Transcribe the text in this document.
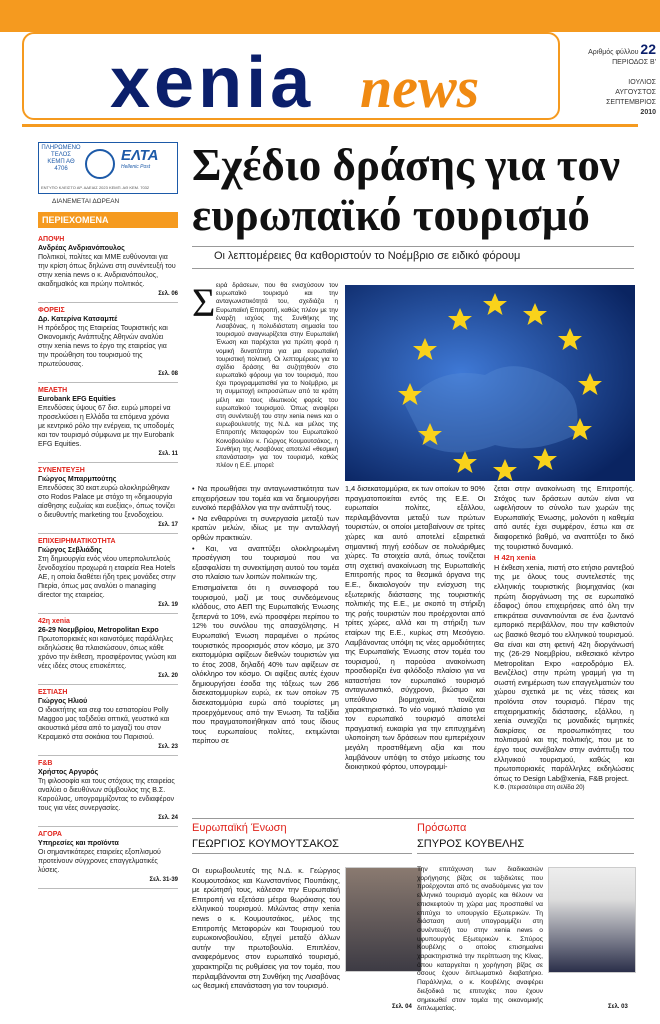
xenia news
Αριθμός φύλλου 22
ΠΕΡΙΟΔΟΣ Β'
ΙΟΥΛΙΟΣ
ΑΥΓΟΥΣΤΟΣ
ΣΕΠΤΕΜΒΡΙΟΣ
2010
ΠΛΗΡΩΜΕΝΟ ΤΕΛΟΣ
ΚΕΜΠ ΑΘ
4706
ΕΛΤΑ
Hellenic Post
ΕΝΤΥΠΟ ΚΛΕΙΣΤΟ ΑΡ. ΑΔΕΙΑΣ 2023 ΚΕΜΠ. ΑΘ ΚΕΜ. 7032
ΔΙΑΝΕΜΕΤΑΙ ΔΩΡΕΑΝ
ΠΕΡΙΕΧΟΜΕΝΑ
ΑΠΟΨΗ
Ανδρέας Ανδριανόπουλος
Πολιτικοί, πολίτες και ΜΜΕ ευθύνονται για την κρίση όπως δηλώνει στη συνέντευξή του στην xenia news ο κ. Ανδριανόπουλος, ακαδημαϊκός και πρώην πολιτικός.
Σελ. 06
ΦΟΡΕΙΣ
Δρ. Κατερίνα Κατσαμπέ
Η πρόεδρος της Εταιρείας Τουριστικής και Οικονομικής Ανάπτυξης Αθηνών αναλύει στην xenia news το έργο της εταιρείας για την προώθηση του τουρισμού της πρωτεύουσας.
Σελ. 08
ΜΕΛΕΤΗ
Eurobank EFG Equities
Επενδύσεις ύψους 67 δισ. ευρώ μπορεί να προσελκύσει η Ελλάδα τα επόμενα χρόνια με κεντρικό ρόλο την ενέργεια, τις υποδομές και τον τουρισμό σύμφωνα με την Eurobank EFG Equities.
Σελ. 11
ΣΥΝΕΝΤΕΥΞΗ
Γιώργος Μπαρμπούτης
Επενδύσεις 30 εκατ.ευρώ ολοκληρώθηκαν στο Rodos Palace με στόχο τη «δημιουργία αίσθησης ευζωίας και ευεξίας», όπως τονίζει ο διευθυντής marketing του ξενοδοχείου.
Σελ. 17
ΕΠΙΧΕΙΡΗΜΑΤΙΚΟΤΗΤΑ
Γιώργος Σεβλιάδης
Στη δημιουργία ενός νέου υπερπολυτελούς ξενοδοχείου προχωρά η εταιρεία Rea Hotels AE, η οποία διαθέτει ήδη τρεις μονάδες στην Πιερία, όπως μας αναλύει ο managing director της εταιρείας.
Σελ. 19
42η xenia
26-29 Νοεμβρίου, Metropolitan Expo
Πρωτοποριακές και καινοτόμες παράλληλες εκδηλώσεις θα πλαισιώσουν, όπως κάθε χρόνο την έκθεση, προσφέροντας γνώση και νέες ιδέες στους επισκέπτες.
Σελ. 20
ΕΣΤΙΑΣΗ
Γιώργος Ηλιού
Ο ιδιοκτήτης και σεφ του εστιατορίου Polly Maggoo μας ταξιδεύει οπτικά, γευστικά και ακουστικά μέσα από το μαγαζί του στον Κεραμεικό στα σοκάκια του Παρισιού.
Σελ. 23
F&B
Χρήστος Αργυρός
Τη φιλοσοφία και τους στόχους της εταιρείας αναλύει ο διευθύνων σύμβουλος της Β.Σ. Καρούλιας, υπογραμμίζοντας το ενδιαφέρον τους για νέες συνεργασίες.
Σελ. 24
ΑΓΟΡΑ
Υπηρεσίες και προϊόντα
Οι σημαντικότερες εταιρείες εξοπλισμού προτείνουν σύγχρονες επαγγελματικές λύσεις.
Σελ. 31-39
Σχέδιο δράσης για τον
ευρωπαϊκό τουρισμό
Οι λεπτομέρειες θα καθοριστούν το Νοέμβριο σε ειδικό φόρουμ
Σ ειρά δράσεων, που θα ενισχύσουν τον ευρωπαϊκό τουρισμό και την ανταγωνιστικότητά του, σχεδιάζει η Ευρωπαϊκή Επιτροπή, καθώς πλέον με την έναρξη ισχύος της Συνθήκης της Λισαβόνας, η πολυδιάστατη σημασία του τουρισμού αναγνωρίζεται στην Ευρωπαϊκή Ένωση και παρέχεται για πρώτη φορά η νομική δυνατότητα για μια ευρωπαϊκή τουριστική πολιτική. Οι λεπτομέρειες για το σχέδιο δράσης θα συζητηθούν στο ευρωπαϊκό φόρουμ για τον τουρισμό, που έχει προγραμματισθεί για το Νοέμβριο, με τη συμμετοχή εκπροσώπων από τα κράτη μέλη και τους ιδιωτικούς φορείς του ευρωπαϊκού τουρισμού. Όπως αναφέρει στη συνέντευξή του στην xenia news και ο ευρωβουλευτής της Ν.Δ. και μέλος της Επιτροπής Μεταφορών του Ευρωπαϊκού Κοινοβουλίου κ. Γιώργος Κουμουτσάκος, η Συνθήκη της Λισαβόνας αποτελεί «θεσμική επανάσταση» για τον τουρισμό, καθώς πλέον η Ε.Ε. μπορεί:

• Να προωθήσει την ανταγωνιστικότητα των επιχειρήσεων του τομέα και να δημιουργήσει ευνοϊκό περιβάλλον για την ανάπτυξή τους.

• Να ενθαρρύνει τη συνεργασία μεταξύ των κρατών μελών, ιδίως με την ανταλλαγή ορθών πρακτικών.

• Και, να αναπτύξει ολοκληρωμένη προσέγγιση του τουρισμού που να εξασφαλίσει τη συνεκτίμηση αυτού του τομέα στο πλαίσιο των λοιπών πολιτικών της.

Επισημαίνεται ότι η συνεισφορά του τουρισμού, μαζί με τους συνδεόμενους κλάδους, στο ΑΕΠ της Ευρωπαϊκής Ένωσης ξεπερνά το 10%, ενώ προσφέρει περίπου το 12% του συνόλου της απασχόλησης. Η Ευρωπαϊκή Ένωση παραμένει ο πρώτος τουριστικός προορισμός στον κόσμο, με 370 εκατομμύρια αφίξεων διεθνών τουριστών για το έτος 2008, δηλαδή 40% των αφίξεων σε ολόκληρο τον κόσμο. Οι αφίξεις αυτές έχουν δημιουργήσει έσοδα της τάξεως των 266 δισεκατομμυρίων ευρώ, εκ των οποίων 75 δισεκατομμύρια ευρώ από τουρίστες μη προερχόμενους από την Ένωση. Τα ταξίδια που πραγματοποιήθηκαν από τους ίδιους τους ευρωπαίους πολίτες, εκτιμώνται περίπου σε

1,4 δισεκατομμύρια, εκ των οποίων το 90% πραγματοποιείται εντός της Ε.Ε. Οι ευρωπαίοι πολίτες, εξάλλου, περιλαμβάνονται μεταξύ των πρώτων τουριστών, οι οποίοι μεταβαίνουν σε τρίτες χώρες και αυτό αποτελεί εξαιρετικά σημαντική πηγή εσόδων σε πολυάριθμες χώρες. Τα στοιχεία αυτά, όπως τονίζεται στη σχετική ανακοίνωση της Ευρωπαϊκής Επιτροπής προς τα θεσμικά όργανα της Ε.Ε., δικαιολογούν την ενίσχυση της εξωτερικής διάστασης της τουριστικής πολιτικής της Ε.Ε., με σκοπό τη στήριξη της ροής τουριστών που προέρχονται από τρίτες χώρες, αλλά και τη στήριξη των εταίρων της Ε.Ε., κυρίως στη Μεσόγειο. Λαμβάνοντας υπόψη τις νέες αρμοδιότητες της Ευρωπαϊκής Ένωσης στον τομέα του τουρισμού, η παρούσα ανακοίνωση προσδιορίζει ένα φιλόδοξο πλαίσιο για να καταστήσει τον ευρωπαϊκό τουρισμό ανταγωνιστικό, σύγχρονο, βιώσιμο και υπεύθυνο βιομηχανία, τονίζεται χαρακτηριστικά. Το νέο νομικό πλαίσιο για τον ευρωπαϊκό τουρισμό αποτελεί πραγματική ευκαιρία για την επιτυχημένη υλοποίηση των δράσεων που εμπεριέχουν μεγάλη προστιθέμενη αξία και που λαμβάνουν υπόψη το στόχο μείωσης του διοικητικού φόρτου, υπογραμμί-

ζεται στην ανακοίνωση της Επιτροπής. Στόχος των δράσεων αυτών είναι να ωφελήσουν το σύνολο των χωρών της Ευρωπαϊκής Ένωσης, μολονότι η καθεμία από αυτές έχει συμφέρον, έστω και σε διαφορετικό βαθμό, να αναπτύξει το δικό της τουριστικό δυναμικό.

Η 42η xenia

Η έκθεση xenia, πιστή στο ετήσιο ραντεβού της με όλους τους συντελεστές της ελληνικής τουριστικής βιομηχανίας (και πρώτη διοργάνωση της σε ευρωπαϊκό έδαφος) όπου επιχειρήσεις από όλη την επικράτεια συναντιούνται σε ένα ζωντανό εμπορικό περιβάλλον, που την καθιστούν ως βασικό θεσμό του ελληνικού τουρισμού. Θα είναι και στη φετινή 42η διοργάνωσή της (26-29 Νοεμβρίου, εκθεσιακό κέντρο Metropolitan Expo «αεροδρόμιο Ελ. Βενιζέλος) στην πρώτη γραμμή για τη σωστή ενημέρωση των επαγγελματιών του χώρου σχετικά με τις νέες τάσεις και προϊόντα στον τουρισμό. Πέραν της επιχειρηματικής διάστασης, εξάλλου, η xenia συνεχίζει τις μοναδικές τιμητικές διακρίσεις σε προσωπικότητες του πολιτισμού και της πολιτικής, που με το έργο τους συνέβαλαν στην ανάπτυξη του ελληνικού τουρισμού, καθώς και πρωτοποριακές παράλληλες εκδηλώσεις όπως το Design Lab@xenia, F&B project.

Κ.Φ. (περισσότερα στη σελίδα 20)
Ευρωπαϊκή Ένωση
ΓΕΩΡΓΙΟΣ ΚΟΥΜΟΥΤΣΑΚΟΣ
Οι ευρωβουλευτές της Ν.Δ. κ. Γεώργιος Κουμουτσάκος και Κωνσταντίνος Πουπάκης, με ερώτησή τους, κάλεσαν την Ευρωπαϊκή Επιτροπή να εξετάσει μέτρα θωράκισης του ελληνικού τουρισμού. Μιλώντας στην xenia news ο κ. Κουμουτσάκος, μέλος της Επιτροπής Μεταφορών και Τουρισμού του ευρωκοινοβουλίου, εξηγεί μεταξύ άλλων αυτήν την πρωτοβουλία. Επιπλέον, αναφερόμενος στον ευρωπαϊκό τουρισμό, χαρακτηρίζει τις ρυθμίσεις για τον τομέα, που περιλαμβάνονται στη Συνθήκη της Λισαβόνας ως θεσμική επανάσταση για τον τουρισμό.
Σελ. 04
Πρόσωπα
ΣΠΥΡΟΣ ΚΟΥΒΕΛΗΣ
Την επιτάχυνση των διαδικασιών χορήγησης βίζας σε ταξιδιώτες που προέρχονται από τις αναδυόμενες για τον ελληνικό τουρισμό αγορές και θέλουν να επισκεφτούν τη χώρα μας προσπαθεί να επιτύχει το υπουργείο Εξωτερικών. Τη διάσταση αυτή υπογραμμίζει στη συνέντευξή του στην xenia news ο υφυπουργός Εξωτερικών κ. Σπύρος Κουβέλης ο οποίος επισημαίνει χαρακτηριστικά την περίπτωση της Κίνας, όπου καταργείται η χορήγηση βίζας σε όσους έχουν διπλωματικό διαβατήριο. Παράλληλα, ο κ. Κουβέλης αναφέρει διεξοδικά τις επιτυχίες που έχουν σημειωθεί στον τομέα της οικονομικής διπλωματίας.	Σελ. 03
